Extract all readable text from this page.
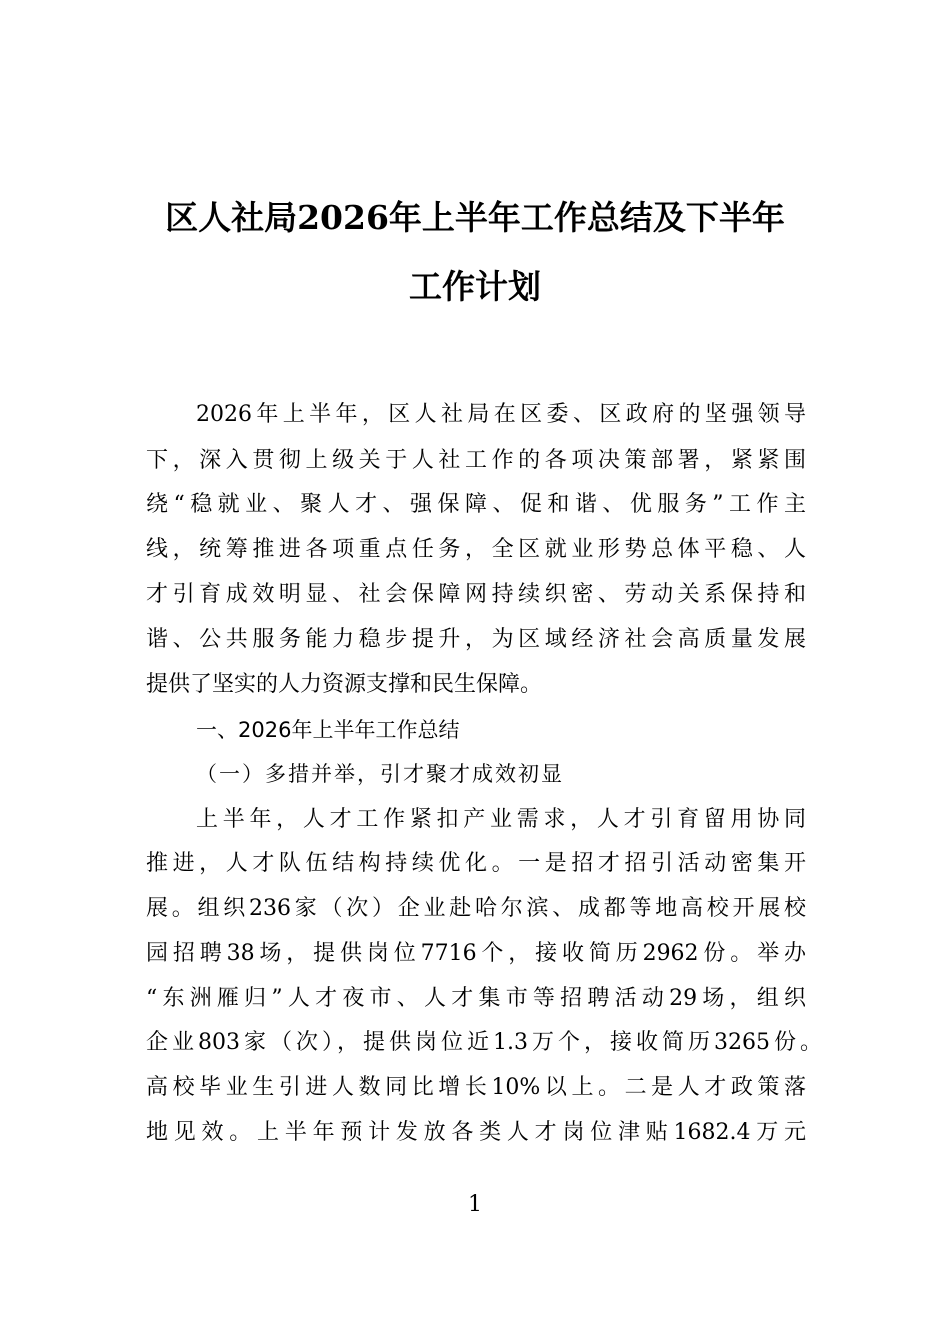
区人社局2026年上半年工作总结及下半年
工作计划
2026年上半年，区人社局在区委、区政府的坚强领导
下，深入贯彻上级关于人社工作的各项决策部署，紧紧围
绕“稳就业、聚人才、强保障、促和谐、优服务”工作主
线，统筹推进各项重点任务，全区就业形势总体平稳、人
才引育成效明显、社会保障网持续织密、劳动关系保持和
谐、公共服务能力稳步提升，为区域经济社会高质量发展
提供了坚实的人力资源支撑和民生保障。
一、2026年上半年工作总结
（一）多措并举，引才聚才成效初显
上半年，人才工作紧扣产业需求，人才引育留用协同
推进，人才队伍结构持续优化。一是招才招引活动密集开
展。组织236家（次）企业赴哈尔滨、成都等地高校开展校
园招聘38场，提供岗位7716个，接收简历2962份。举办
“东洲雁归”人才夜市、人才集市等招聘活动29场，组织
企业803家（次），提供岗位近1.3万个，接收简历3265份。
高校毕业生引进人数同比增长10%以上。二是人才政策落
地见效。上半年预计发放各类人才岗位津贴1682.4万元
1
